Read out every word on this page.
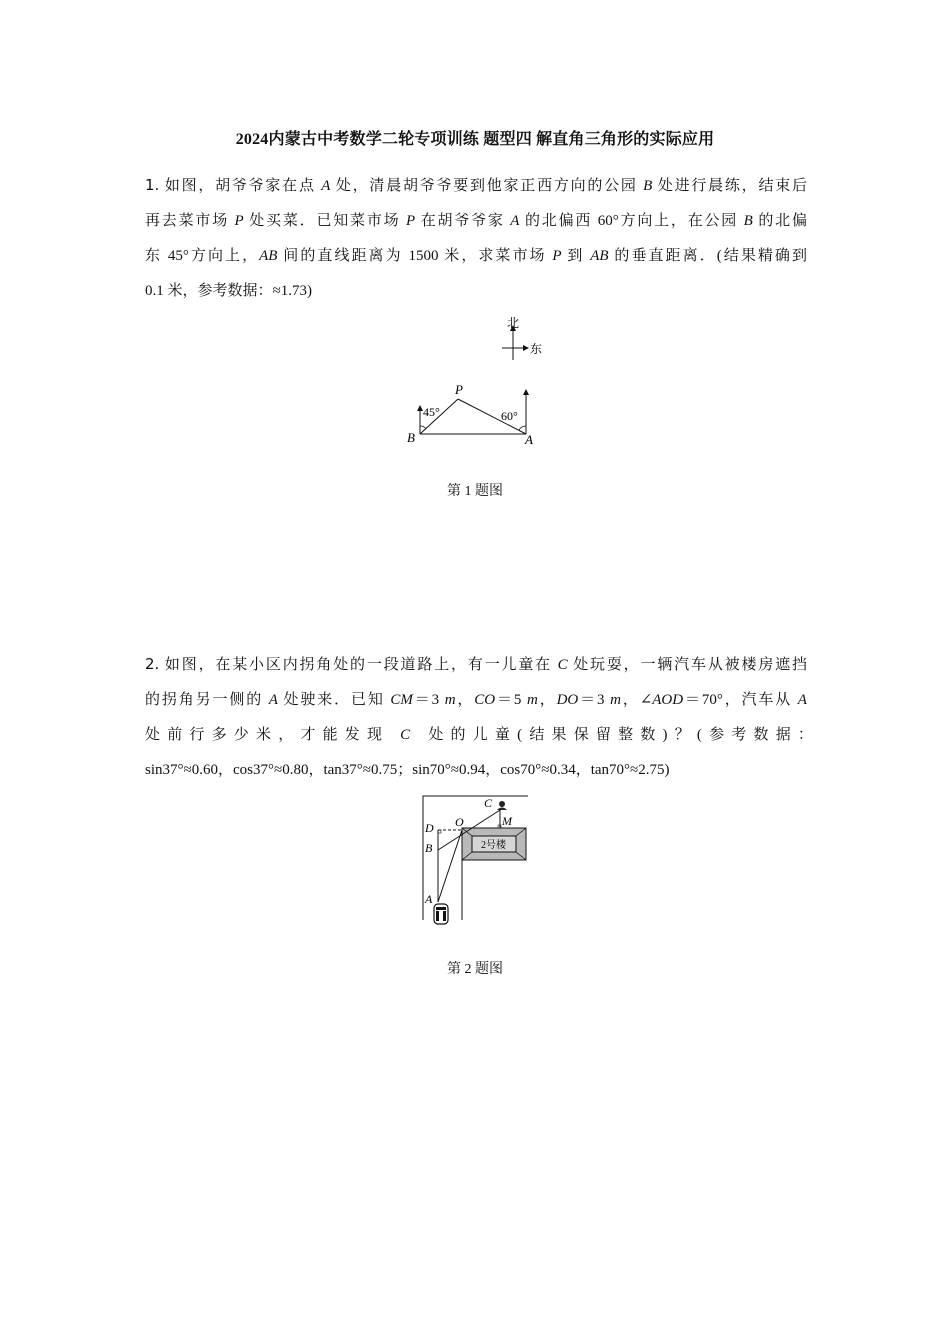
2024内蒙古中考数学二轮专项训练 题型四 解直角三角形的实际应用
1. 如图，胡爷爷家在点 A 处，清晨胡爷爷要到他家正西方向的公园 B 处进行晨练，结束后
再去菜市场 P 处买菜．已知菜市场 P 在胡爷爷家 A 的北偏西 60°方向上，在公园 B 的北偏
东 45°方向上，AB 间的直线距离为 1500 米，求菜市场 P 到 AB 的垂直距离．(结果精确到
0.1 米，参考数据：≈1.73)
北
东
P
B	A
45°	60°
第 1 题图
2. 如图，在某小区内拐角处的一段道路上，有一儿童在 C 处玩耍，一辆汽车从被楼房遮挡
的拐角另一侧的 A 处驶来．已知 CM＝3 m，CO＝5 m，DO＝3 m，∠AOD＝70°，汽车从 A
处前行多少米，才能发现 C 处的儿童(结果保留整数)？(参考数据：
sin37°≈0.60，cos37°≈0.80，tan37°≈0.75；sin70°≈0.94，cos70°≈0.34，tan70°≈2.75)
2号楼
C
M
D O
B
A
第 2 题图
